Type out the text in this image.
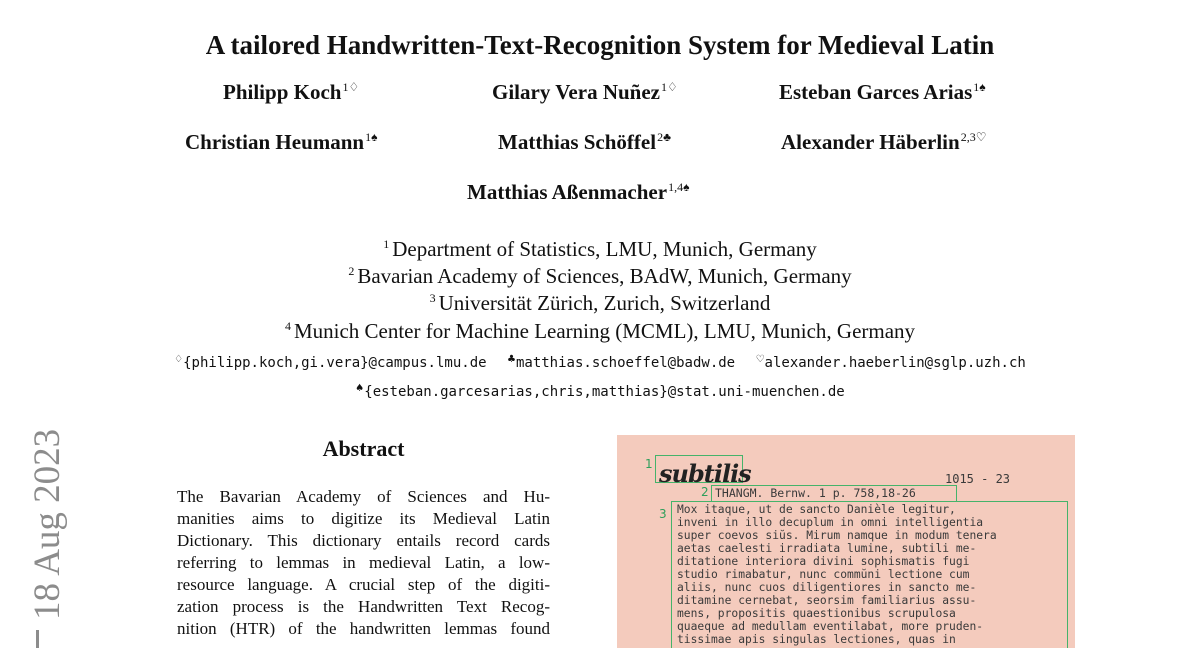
A tailored Handwritten-Text-Recognition System for Medieval Latin
Philipp Koch$^{1♢}$	Gilary Vera Nuñez$^{1♢}$	Esteban Garces Arias$^{1♠}$
Christian Heumann$^{1♠}$	Matthias Schöffel$^{2♣}$	Alexander Häberlin$^{2,3♡}$
Matthias Aßenmacher$^{1,4♠}$
$^1$ Department of Statistics, LMU, Munich, Germany
$^2$ Bavarian Academy of Sciences, BAdW, Munich, Germany
$^3$ Universität Zürich, Zurich, Switzerland
$^4$ Munich Center for Machine Learning (MCML), LMU, Munich, Germany
♢{philipp.koch,gi.vera}@campus.lmu.de ♣matthias.schoeffel@badw.de ♡alexander.haeberlin@sglp.uzh.ch
♠{esteban.garcesarias,chris,matthias}@stat.uni-muenchen.de
18 Aug 2023	Abstract
The Bavarian Academy of Sciences and Hu-
manities aims to digitize its Medieval Latin
Dictionary. This dictionary entails record cards
referring to lemmas in medieval Latin, a low-
resource language. A crucial step of the digiti-
zation process is the Handwritten Text Recog-
nition (HTR) of the handwritten lemmas found
1 subtilis	1015 - 23
2 THANGM. Bernw. 1 p. 758,18-26
3 Mox itaque, ut de sancto Danièle legitur,
inveni in illo decuplum in omni intelligentia
super coevos siŭs. Mirum namque in modum tenera
aetas caelesti irradiata lumine, subtili me-
ditatione interiora divini sophismatis fugi
studio rimabatur, nunc commŭni lectione cum
aliis, nunc cuos diligentiores in sancto me-
ditamine cernebat, seorsim familiarius assu-
mens, propositis quaestionibus scrupulosa
quaeque ad medullam eventilabat, more pruden-
tissimae apis singulas lectiones, quas in
